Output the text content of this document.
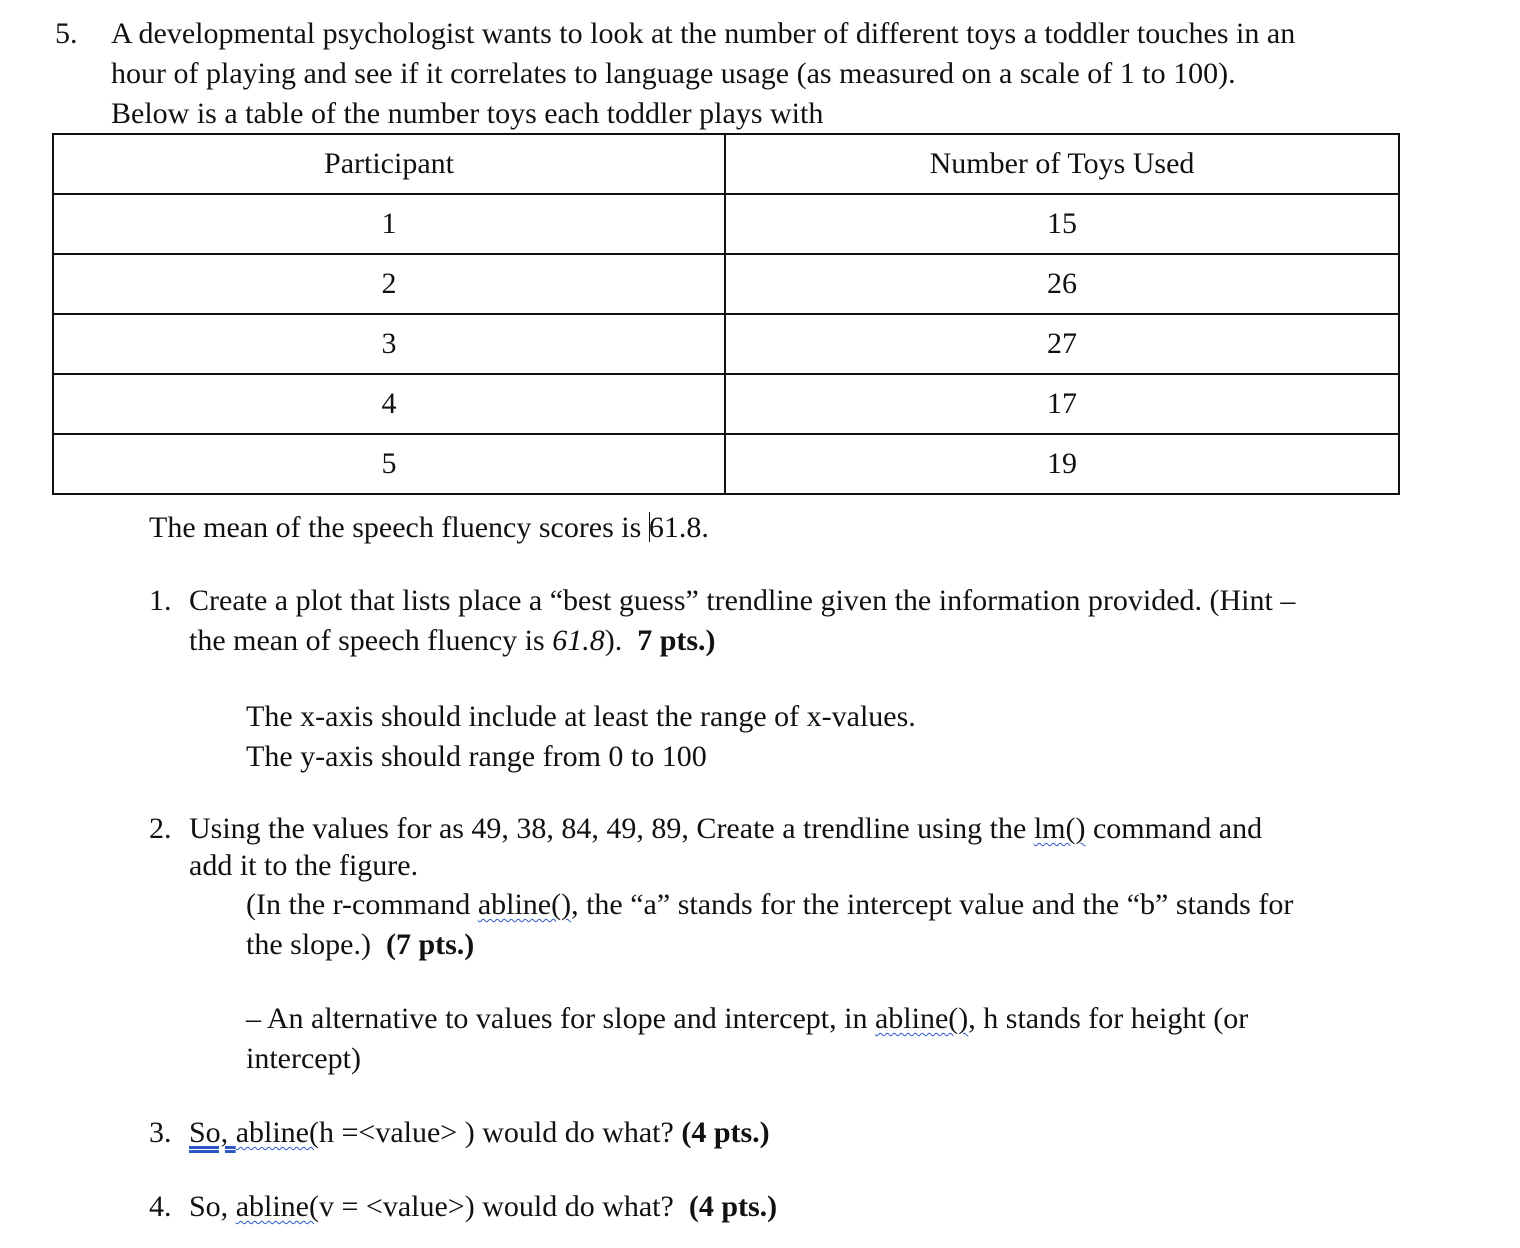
5. A developmental psychologist wants to look at the number of different toys a toddler touches in an
hour of playing and see if it correlates to language usage (as measured on a scale of 1 to 100).
Below is a table of the number toys each toddler plays with
Participant	Number of Toys Used
1	15
2	26
3	27
4	17
5	19
The mean of the speech fluency scores is 61.8.
1. Create a plot that lists place a “best guess” trendline given the information provided. (Hint –
the mean of speech fluency is 61.8).  7 pts.)
The x-axis should include at least the range of x-values.
The y-axis should range from 0 to 100
2. Using the values for as 49, 38, 84, 49, 89, Create a trendline using the lm() command and
add it to the figure.
(In the r-command abline(), the “a” stands for the intercept value and the “b” stands for
the slope.)  (7 pts.)
– An alternative to values for slope and intercept, in abline(), h stands for height (or
intercept)
3. So, abline(h =<value> ) would do what? (4 pts.)
4. So, abline(v = <value>) would do what?  (4 pts.)
